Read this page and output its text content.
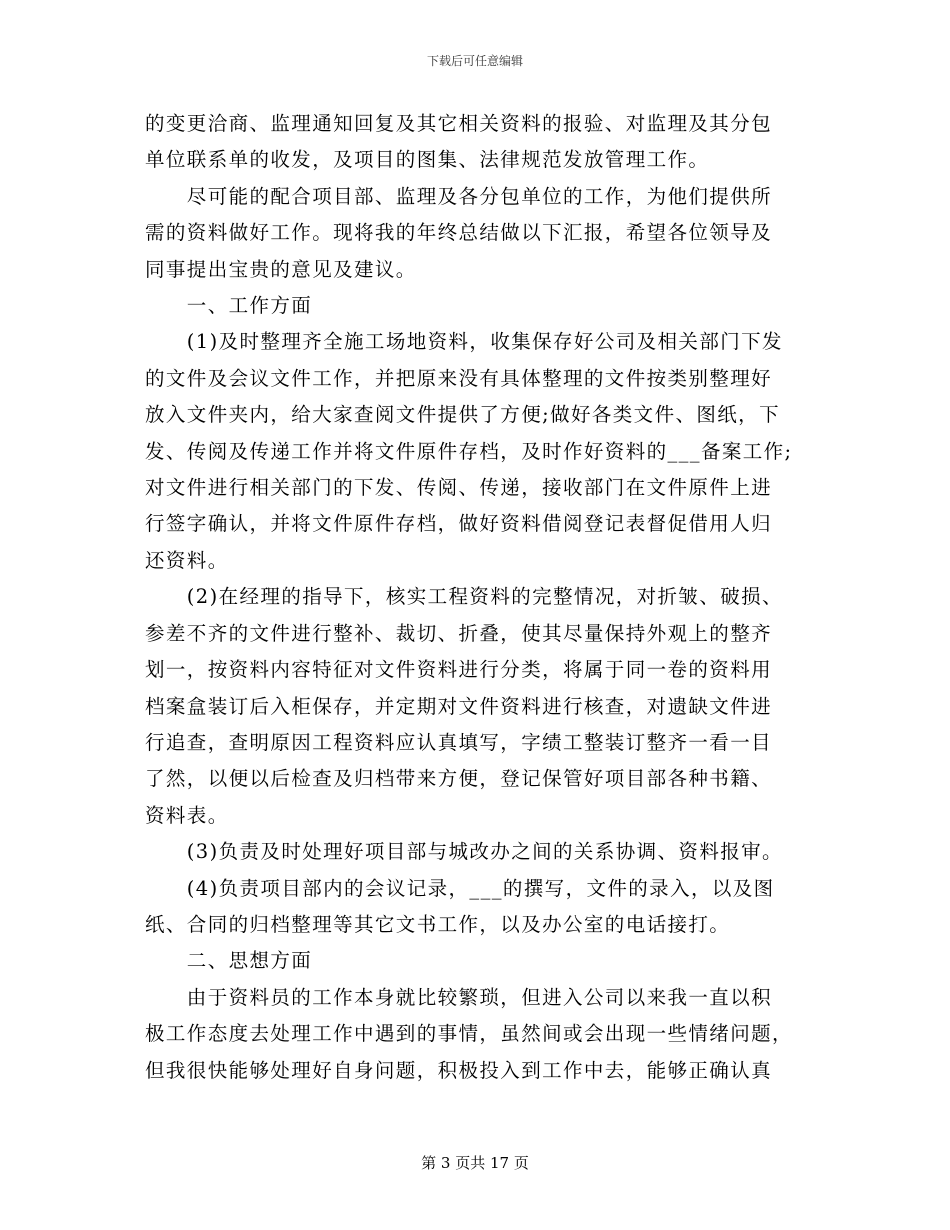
下载后可任意编辑

的变更洽商、监理通知回复及其它相关资料的报验、对监理及其分包

单位联系单的收发，及项目的图集、法律规范发放管理工作。

　　尽可能的配合项目部、监理及各分包单位的工作，为他们提供所

需的资料做好工作。现将我的年终总结做以下汇报，希望各位领导及

同事提出宝贵的意见及建议。

　　一、工作方面

　　(1)及时整理齐全施工场地资料，收集保存好公司及相关部门下发

的文件及会议文件工作，并把原来没有具体整理的文件按类别整理好

放入文件夹内，给大家查阅文件提供了方便;做好各类文件、图纸，下

发、传阅及传递工作并将文件原件存档，及时作好资料的___备案工作;

对文件进行相关部门的下发、传阅、传递，接收部门在文件原件上进

行签字确认，并将文件原件存档，做好资料借阅登记表督促借用人归

还资料。

　　(2)在经理的指导下，核实工程资料的完整情况，对折皱、破损、

参差不齐的文件进行整补、裁切、折叠，使其尽量保持外观上的整齐

划一，按资料内容特征对文件资料进行分类，将属于同一卷的资料用

档案盒装订后入柜保存，并定期对文件资料进行核查，对遗缺文件进

行追查，查明原因工程资料应认真填写，字绩工整装订整齐一看一目

了然，以便以后检查及归档带来方便，登记保管好项目部各种书籍、

资料表。

　　(3)负责及时处理好项目部与城改办之间的关系协调、资料报审。

　　(4)负责项目部内的会议记录，___的撰写，文件的录入，以及图

纸、合同的归档整理等其它文书工作，以及办公室的电话接打。

　　二、思想方面

　　由于资料员的工作本身就比较繁琐，但进入公司以来我一直以积

极工作态度去处理工作中遇到的事情，虽然间或会出现一些情绪问题，

但我很快能够处理好自身问题，积极投入到工作中去，能够正确认真

第 3 页共 17 页
